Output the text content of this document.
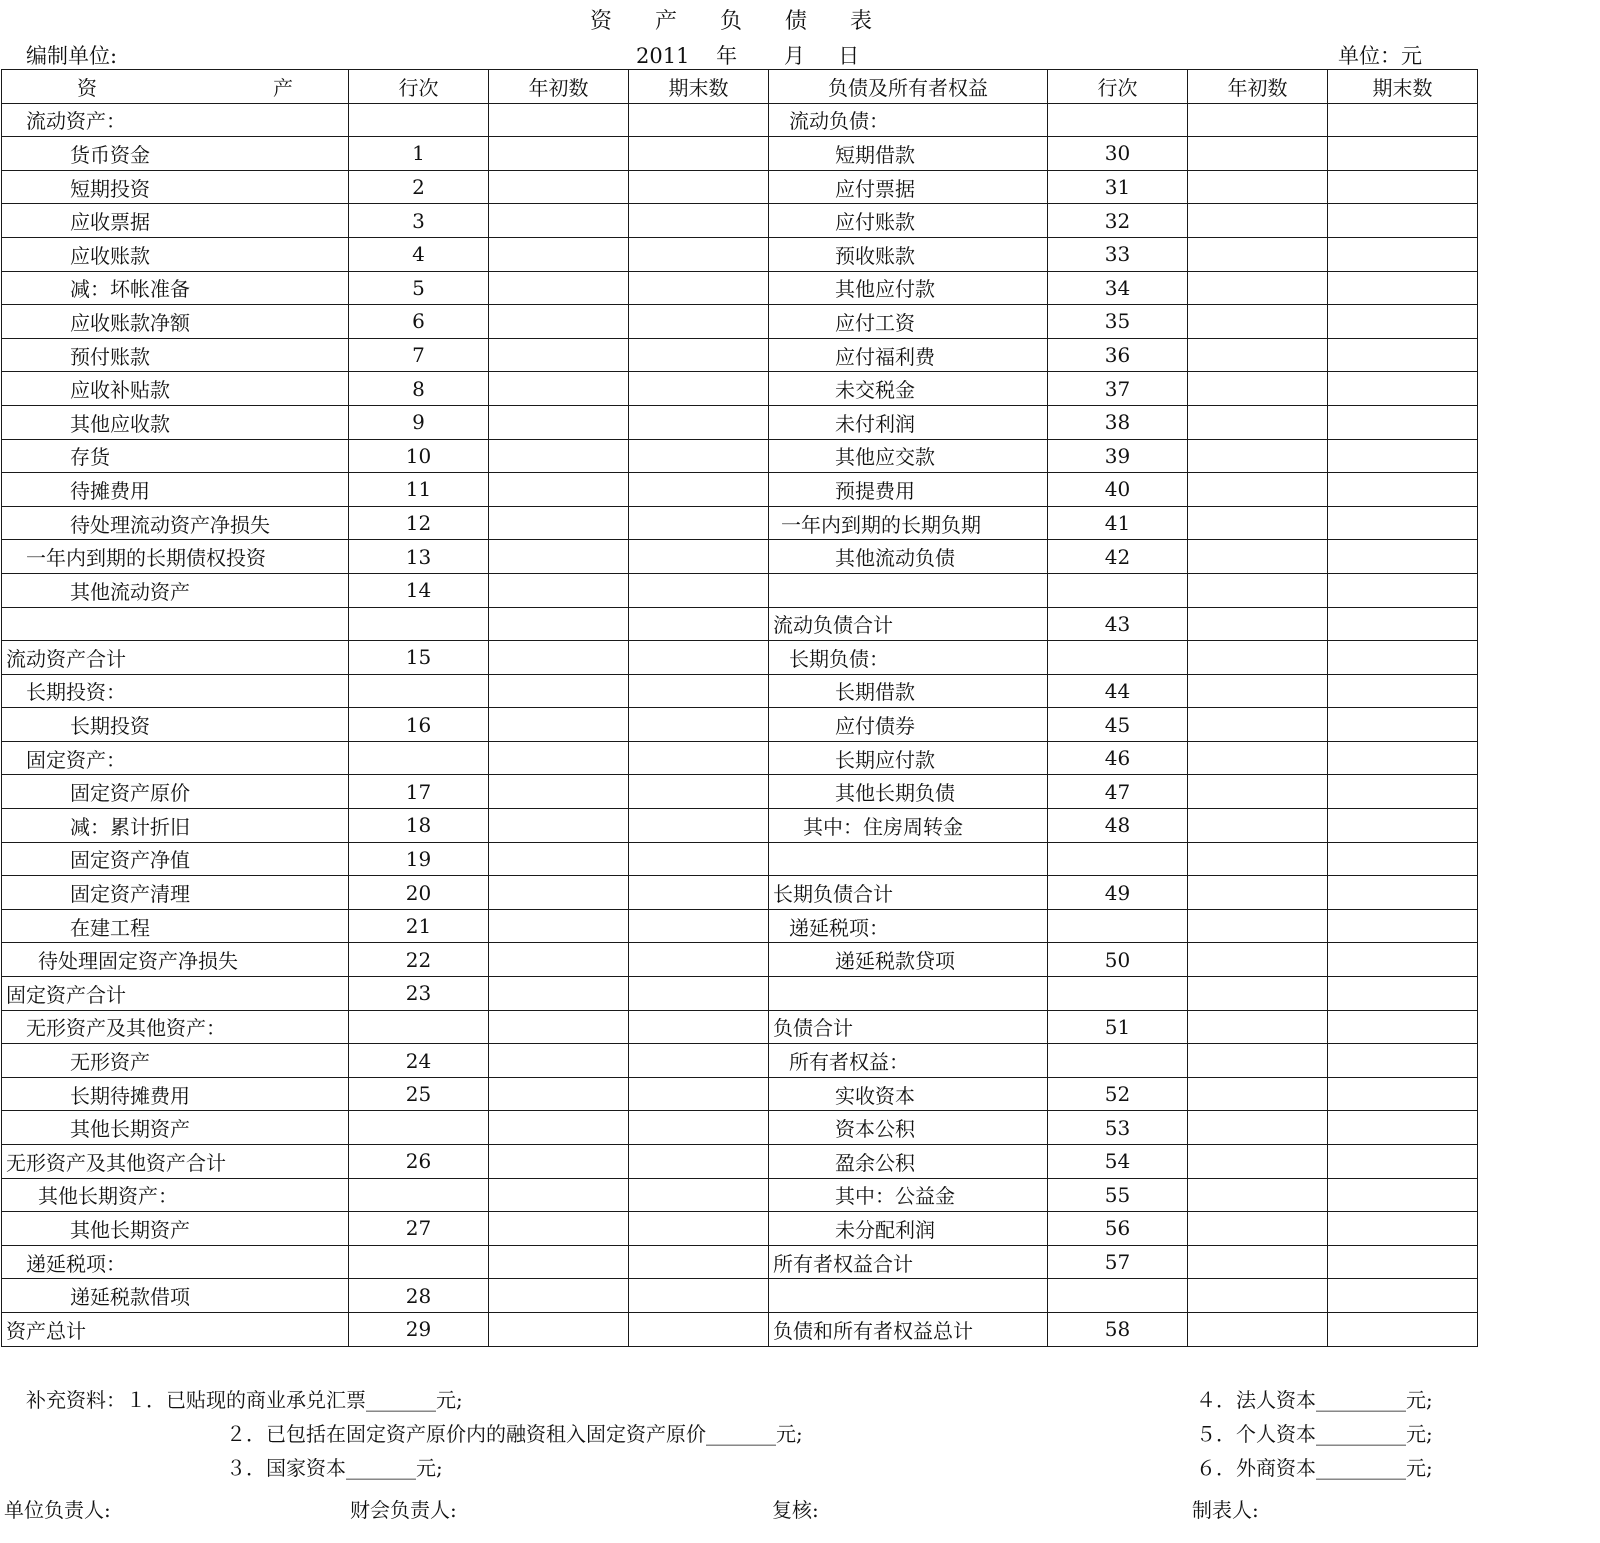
资 产 负 债 表
编制单位:	2011    年       月     日	单位：元
资 产	行次	年初数	期末数	负债及所有者权益	行次	年初数	期末数
流动资产：				流动负债：			
货币资金	1			短期借款	30		
短期投资	2			应付票据	31		
应收票据	3			应付账款	32		
应收账款	4			预收账款	33		
减：坏帐准备	5			其他应付款	34		
应收账款净额	6			应付工资	35		
预付账款	7			应付福利费	36		
应收补贴款	8			未交税金	37		
其他应收款	9			未付利润	38		
存货	10			其他应交款	39		
待摊费用	11			预提费用	40		
待处理流动资产净损失	12			一年内到期的长期负期	41		
一年内到期的长期债权投资	13			其他流动负债	42		
其他流动资产	14						
				流动负债合计	43		
流动资产合计	15			长期负债：			
长期投资：				长期借款	44		
长期投资	16			应付债券	45		
固定资产：				长期应付款	46		
固定资产原价	17			其他长期负债	47		
减：累计折旧	18			其中：住房周转金	48		
固定资产净值	19						
固定资产清理	20			长期负债合计	49		
在建工程	21			递延税项：			
待处理固定资产净损失	22			递延税款贷项	50		
固定资产合计	23						
无形资产及其他资产：				负债合计	51		
无形资产	24			所有者权益：			
长期待摊费用	25			实收资本	52		
其他长期资产				资本公积	53		
无形资产及其他资产合计	26			盈余公积	54		
其他长期资产：				其中：公益金	55		
其他长期资产	27			未分配利润	56		
递延税项：				所有者权益合计	57		
递延税款借项	28						
资产总计	29			负债和所有者权益总计	58		
补充资料：１．已贴现的商业承兑汇票_______元;
２．已包括在固定资产原价内的融资租入固定资产原价_______元;
３．国家资本_______元;
４．法人资本_________元;
５．个人资本_________元;
６．外商资本_________元;
单位负责人:	财会负责人:	复核:	制表人:
